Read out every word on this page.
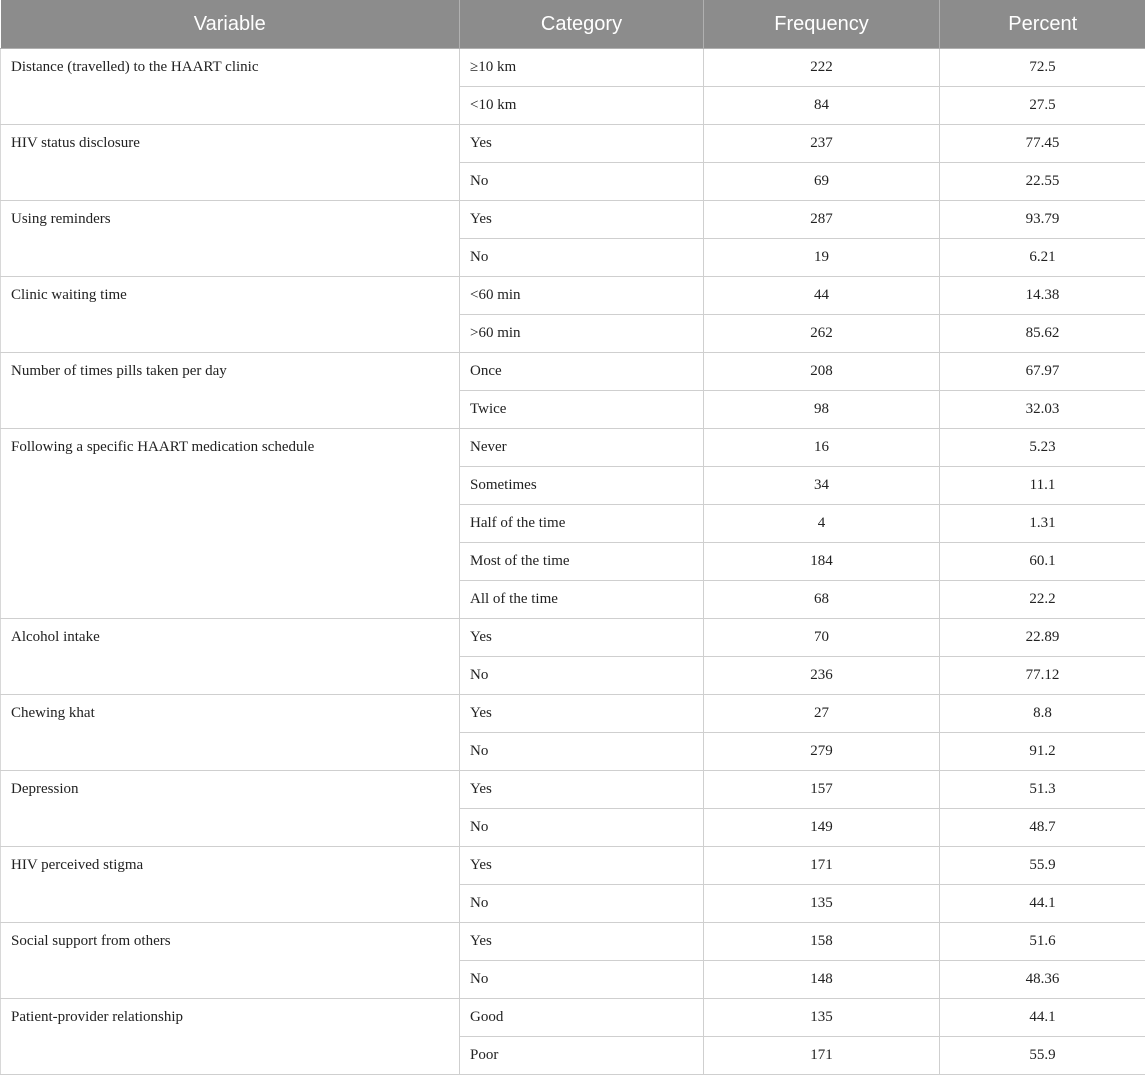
Variable	Category	Frequency	Percent
Distance (travelled) to the HAART clinic	≥10 km	222	72.5
	<10 km	84	27.5
HIV status disclosure	Yes	237	77.45
	No	69	22.55
Using reminders	Yes	287	93.79
	No	19	6.21
Clinic waiting time	<60 min	44	14.38
	>60 min	262	85.62
Number of times pills taken per day	Once	208	67.97
	Twice	98	32.03
Following a specific HAART medication schedule	Never	16	5.23
	Sometimes	34	11.1
	Half of the time	4	1.31
	Most of the time	184	60.1
	All of the time	68	22.2
Alcohol intake	Yes	70	22.89
	No	236	77.12
Chewing khat	Yes	27	8.8
	No	279	91.2
Depression	Yes	157	51.3
	No	149	48.7
HIV perceived stigma	Yes	171	55.9
	No	135	44.1
Social support from others	Yes	158	51.6
	No	148	48.36
Patient-provider relationship	Good	135	44.1
	Poor	171	55.9
